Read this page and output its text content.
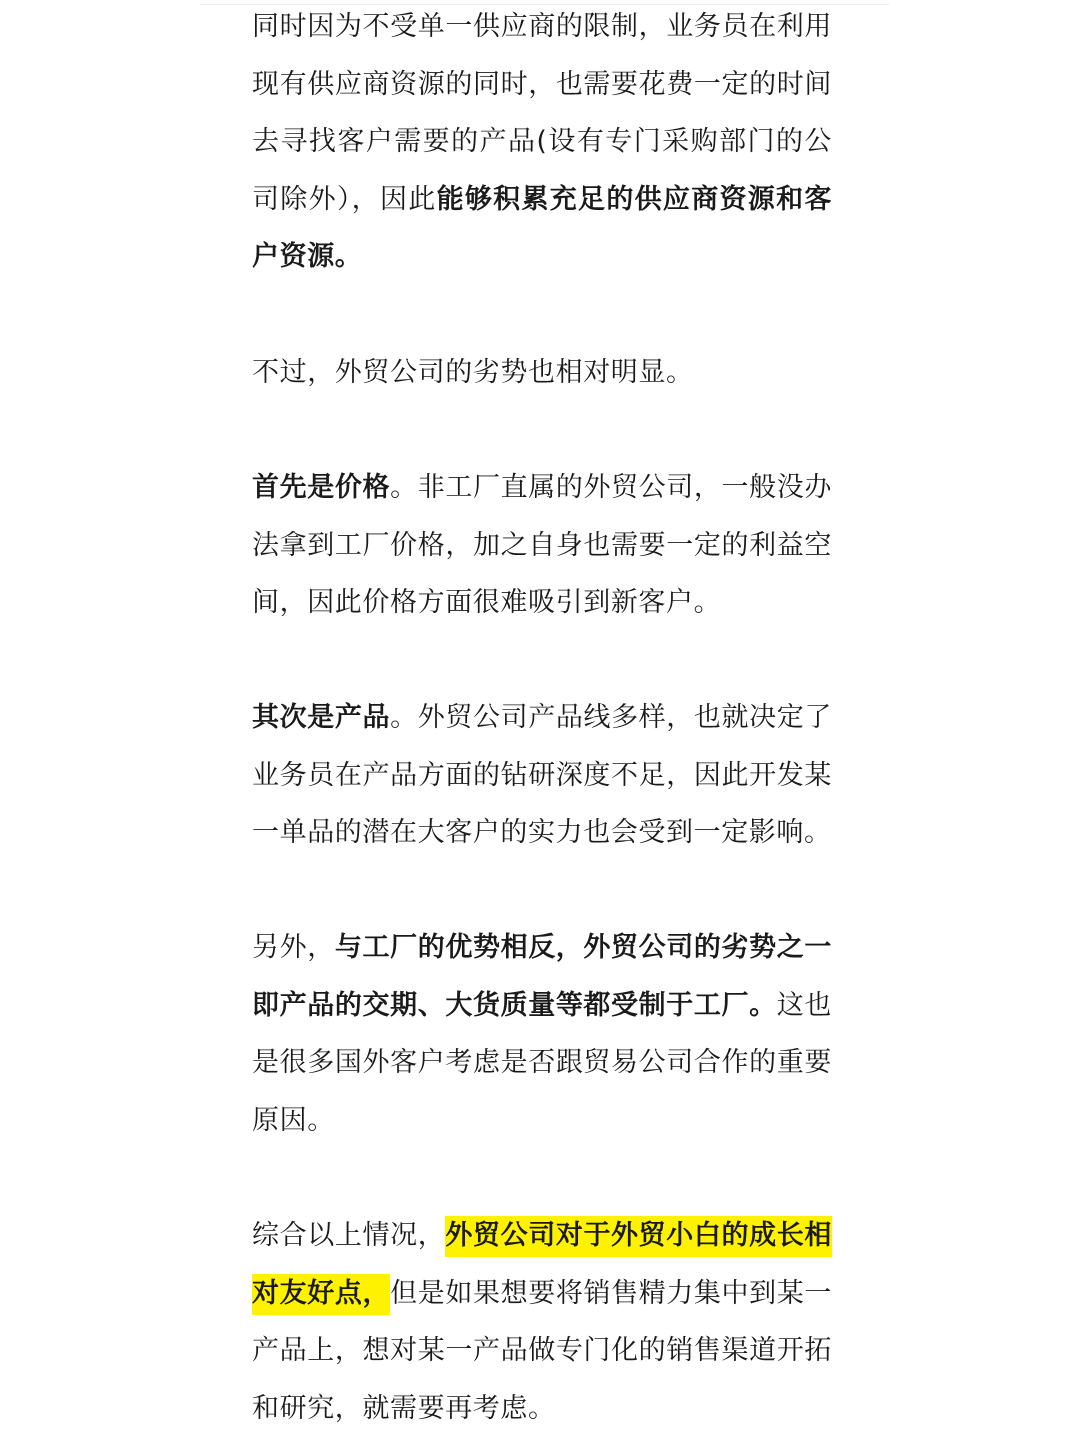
同时因为不受单一供应商的限制，业务员在利用现有供应商资源的同时，也需要花费一定的时间去寻找客户需要的产品(设有专门采购部门的公司除外），因此能够积累充足的供应商资源和客户资源。

不过，外贸公司的劣势也相对明显。

首先是价格。非工厂直属的外贸公司，一般没办法拿到工厂价格，加之自身也需要一定的利益空间，因此价格方面很难吸引到新客户。

其次是产品。外贸公司产品线多样，也就决定了业务员在产品方面的钻研深度不足，因此开发某一单品的潜在大客户的实力也会受到一定影响。

另外，与工厂的优势相反，外贸公司的劣势之一即产品的交期、大货质量等都受制于工厂。这也是很多国外客户考虑是否跟贸易公司合作的重要原因。

综合以上情况，外贸公司对于外贸小白的成长相对友好点，但是如果想要将销售精力集中到某一产品上，想对某一产品做专门化的销售渠道开拓和研究，就需要再考虑。
